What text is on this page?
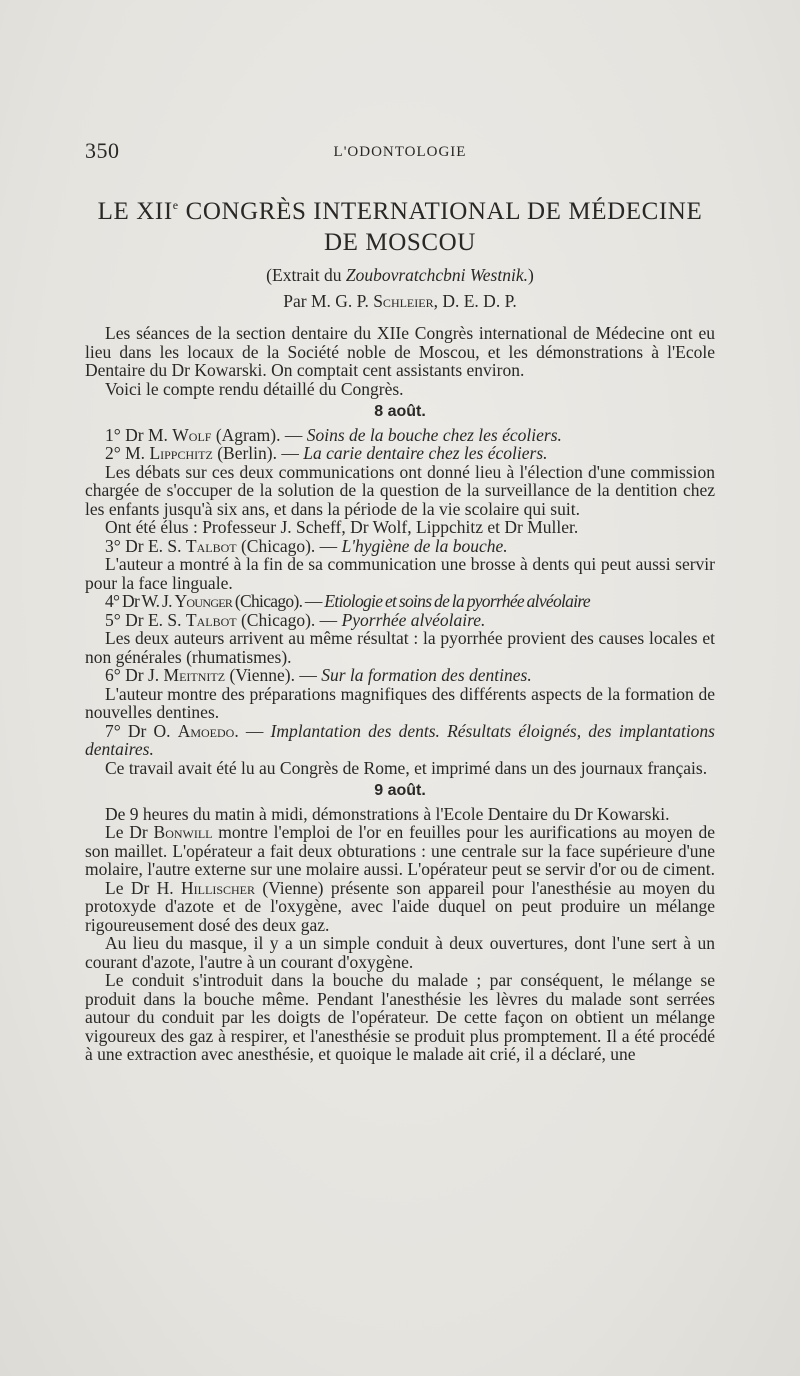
350	L'ODONTOLOGIE
LE XIIe CONGRÈS INTERNATIONAL DE MÉDECINE
DE MOSCOU
(Extrait du Zoubovratchcbni Westnik.)
Par M. G. P. Schleier, D. E. D. P.

Les séances de la section dentaire du XIIe Congrès international de Médecine ont eu lieu dans les locaux de la Société noble de Moscou, et les démonstrations à l'Ecole Dentaire du Dr Kowarski. On comptait cent assistants environ.

Voici le compte rendu détaillé du Congrès.

8 août.

1° Dr M. Wolf (Agram). — Soins de la bouche chez les écoliers.

2° M. Lippchitz (Berlin). — La carie dentaire chez les écoliers.

Les débats sur ces deux communications ont donné lieu à l'élection d'une commission chargée de s'occuper de la solution de la question de la surveillance de la dentition chez les enfants jusqu'à six ans, et dans la période de la vie scolaire qui suit.

Ont été élus : Professeur J. Scheff, Dr Wolf, Lippchitz et Dr Muller.

3° Dr E. S. Talbot (Chicago). — L'hygiène de la bouche.

L'auteur a montré à la fin de sa communication une brosse à dents qui peut aussi servir pour la face linguale.

4° Dr W. J. Younger (Chicago). — Etiologie et soins de la pyorrhée alvéolaire

5° Dr E. S. Talbot (Chicago). — Pyorrhée alvéolaire.

Les deux auteurs arrivent au même résultat : la pyorrhée provient des causes locales et non générales (rhumatismes).

6° Dr J. Meitnitz (Vienne). — Sur la formation des dentines.

L'auteur montre des préparations magnifiques des différents aspects de la formation de nouvelles dentines.

7° Dr O. Amoedo. — Implantation des dents. Résultats éloignés, des implantations dentaires.

Ce travail avait été lu au Congrès de Rome, et imprimé dans un des journaux français.

9 août.

De 9 heures du matin à midi, démonstrations à l'Ecole Dentaire du Dr Kowarski.

Le Dr Bonwill montre l'emploi de l'or en feuilles pour les aurifications au moyen de son maillet. L'opérateur a fait deux obturations : une centrale sur la face supérieure d'une molaire, l'autre externe sur une molaire aussi. L'opérateur peut se servir d'or ou de ciment.

Le Dr H. Hillischer (Vienne) présente son appareil pour l'anesthésie au moyen du protoxyde d'azote et de l'oxygène, avec l'aide duquel on peut produire un mélange rigoureusement dosé des deux gaz.

Au lieu du masque, il y a un simple conduit à deux ouvertures, dont l'une sert à un courant d'azote, l'autre à un courant d'oxygène.

Le conduit s'introduit dans la bouche du malade ; par conséquent, le mélange se produit dans la bouche même. Pendant l'anesthésie les lèvres du malade sont serrées autour du conduit par les doigts de l'opérateur. De cette façon on obtient un mélange vigoureux des gaz à respirer, et l'anesthésie se produit plus promptement. Il a été procédé à une extraction avec anesthésie, et quoique le malade ait crié, il a déclaré, une
